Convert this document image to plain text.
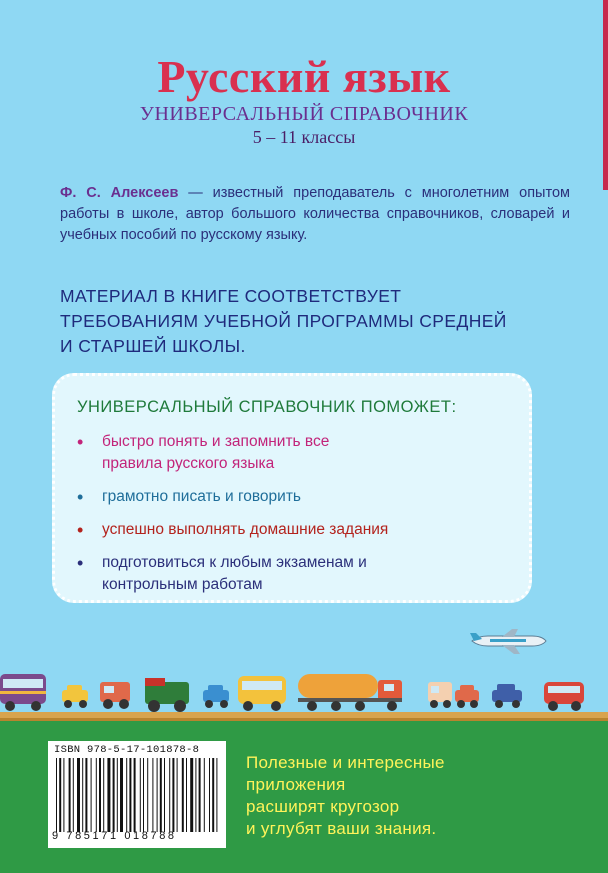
Русский язык
УНИВЕРСАЛЬНЫЙ СПРАВОЧНИК
5 – 11 классы
Ф. С. Алексеев — известный преподаватель с многолетним опытом работы в школе, автор большого количества справочников, словарей и учебных пособий по русскому языку.
МАТЕРИАЛ В КНИГЕ СООТВЕТСТВУЕТ
ТРЕБОВАНИЯМ УЧЕБНОЙ ПРОГРАММЫ СРЕДНЕЙ
И СТАРШЕЙ ШКОЛЫ.
УНИВЕРСАЛЬНЫЙ СПРАВОЧНИК ПОМОЖЕТ:
• быстро понять и запомнить все правила русского языка
• грамотно писать и говорить
• успешно выполнять домашние задания
• подготовиться к любым экзаменам и контрольным работам
ISBN 978-5-17-101878-8
9 785171 018788
Полезные и интересные
приложения
расширят кругозор
и углубят ваши знания.
